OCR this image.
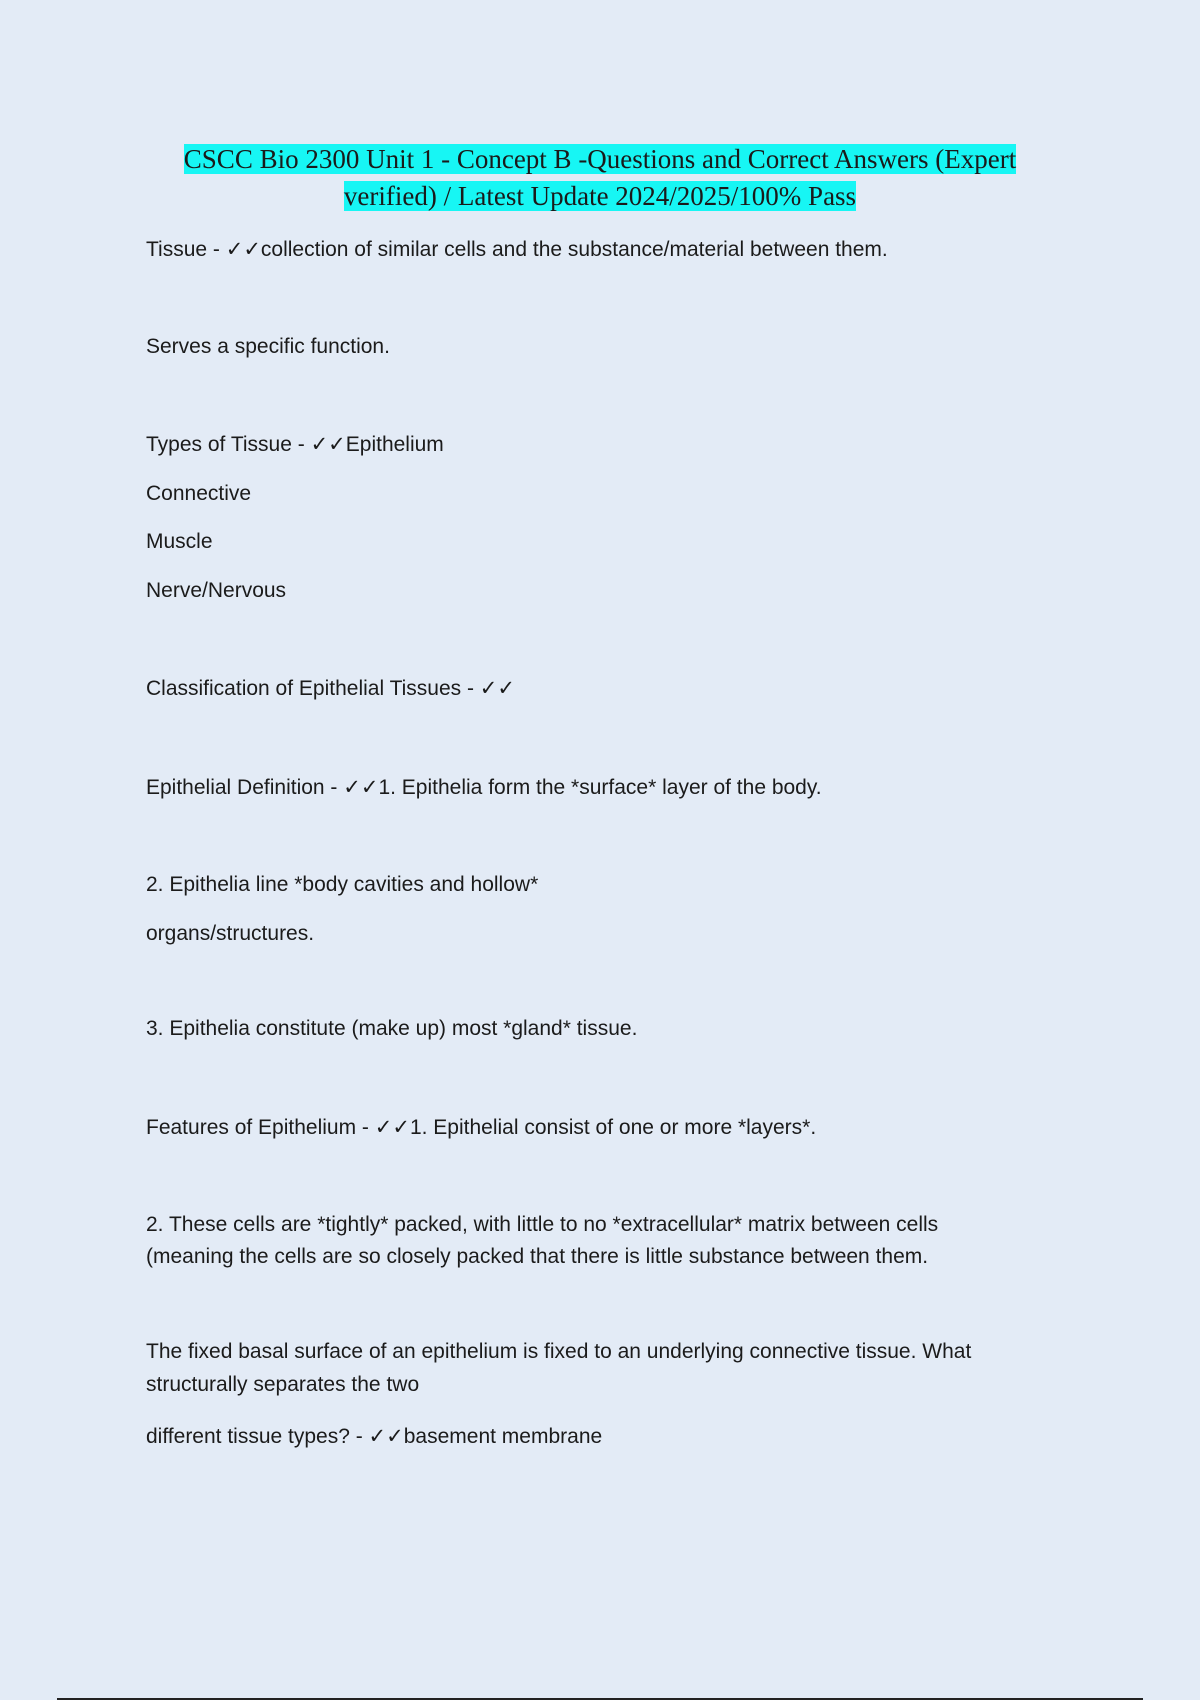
CSCC Bio 2300 Unit 1 - Concept B -Questions and Correct Answers (Expert
verified) / Latest Update 2024/2025/100% Pass
Tissue - ✓✓collection of similar cells and the substance/material between them.
Serves a specific function.
Types of Tissue - ✓✓Epithelium
Connective
Muscle
Nerve/Nervous
Classification of Epithelial Tissues - ✓✓
Epithelial Definition - ✓✓1. Epithelia form the *surface* layer of the body.
2. Epithelia line *body cavities and hollow*
organs/structures.
3. Epithelia constitute (make up) most *gland* tissue.
Features of Epithelium - ✓✓1. Epithelial consist of one or more *layers*.
2. These cells are *tightly* packed, with little to no *extracellular* matrix between cells
(meaning the cells are so closely packed that there is little substance between them.
The fixed basal surface of an epithelium is fixed to an underlying connective tissue. What
structurally separates the two
different tissue types? - ✓✓basement membrane
